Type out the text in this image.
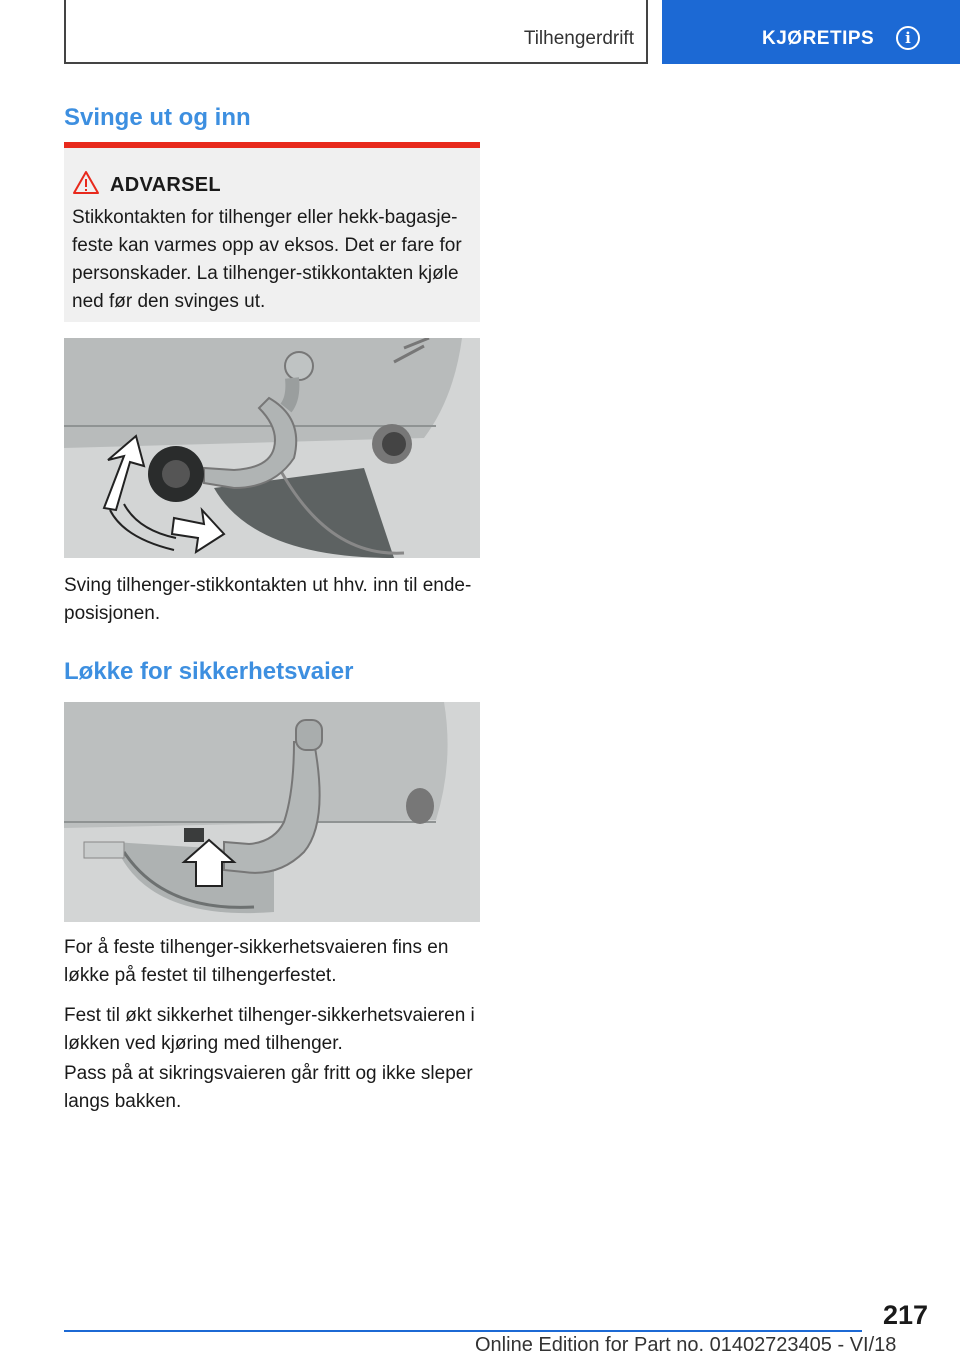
Tilhengerdrift	KJØRETIPS	i
Svinge ut og inn
ADVARSEL
Stikkontakten for tilhenger eller hekk-bagasje-feste kan varmes opp av eksos. Det er fare for personskader. La tilhenger-stikkontakten kjøle ned før den svinges ut.

Sving tilhenger-stikkontakten ut hhv. inn til ende-posisjonen.

Løkke for sikkerhetsvaier

For å feste tilhenger-sikkerhetsvaieren fins en løkke på festet til tilhengerfestet.

Fest til økt sikkerhet tilhenger-sikkerhetsvaieren i løkken ved kjøring med tilhenger.

Pass på at sikringsvaieren går fritt og ikke sleper langs bakken.

217
Online Edition for Part no. 01402723405 - VI/18
